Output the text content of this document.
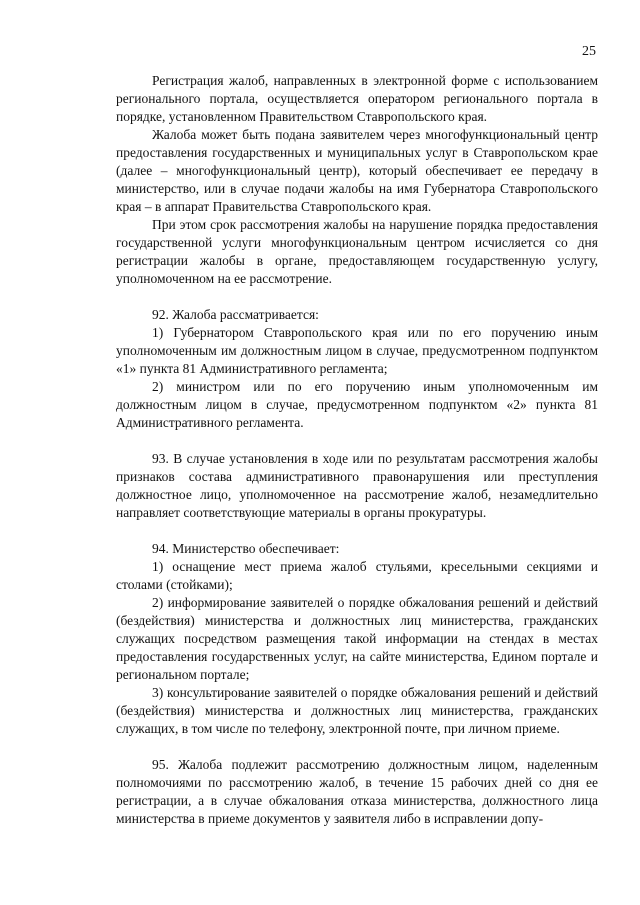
25

Регистрация жалоб, направленных в электронной форме с использованием регионального портала, осуществляется оператором регионального портала в порядке, установленном Правительством Ставропольского края.

Жалоба может быть подана заявителем через многофункциональный центр предоставления государственных и муниципальных услуг в Ставропольском крае (далее – многофункциональный центр), который обеспечивает ее передачу в министерство, или в случае подачи жалобы на имя Губернатора Ставропольского края – в аппарат Правительства Ставропольского края.

При этом срок рассмотрения жалобы на нарушение порядка предоставления государственной услуги многофункциональным центром исчисляется со дня регистрации жалобы в органе, предоставляющем государственную услугу, уполномоченном на ее рассмотрение.

92. Жалоба рассматривается:

1) Губернатором Ставропольского края или по его поручению иным уполномоченным им должностным лицом в случае, предусмотренном подпунктом «1» пункта 81 Административного регламента;

2) министром или по его поручению иным уполномоченным им должностным лицом в случае, предусмотренном подпунктом «2» пункта 81 Административного регламента.

93. В случае установления в ходе или по результатам рассмотрения жалобы признаков состава административного правонарушения или преступления должностное лицо, уполномоченное на рассмотрение жалоб, незамедлительно направляет соответствующие материалы в органы прокуратуры.

94. Министерство обеспечивает:

1) оснащение мест приема жалоб стульями, кресельными секциями и столами (стойками);

2) информирование заявителей о порядке обжалования решений и действий (бездействия) министерства и должностных лиц министерства, гражданских служащих посредством размещения такой информации на стендах в местах предоставления государственных услуг, на сайте министерства, Едином портале и региональном портале;

3) консультирование заявителей о порядке обжалования решений и действий (бездействия) министерства и должностных лиц министерства, гражданских служащих, в том числе по телефону, электронной почте, при личном приеме.

95. Жалоба подлежит рассмотрению должностным лицом, наделенным полномочиями по рассмотрению жалоб, в течение 15 рабочих дней со дня ее регистрации, а в случае обжалования отказа министерства, должностного лица министерства в приеме документов у заявителя либо в исправлении допу-
